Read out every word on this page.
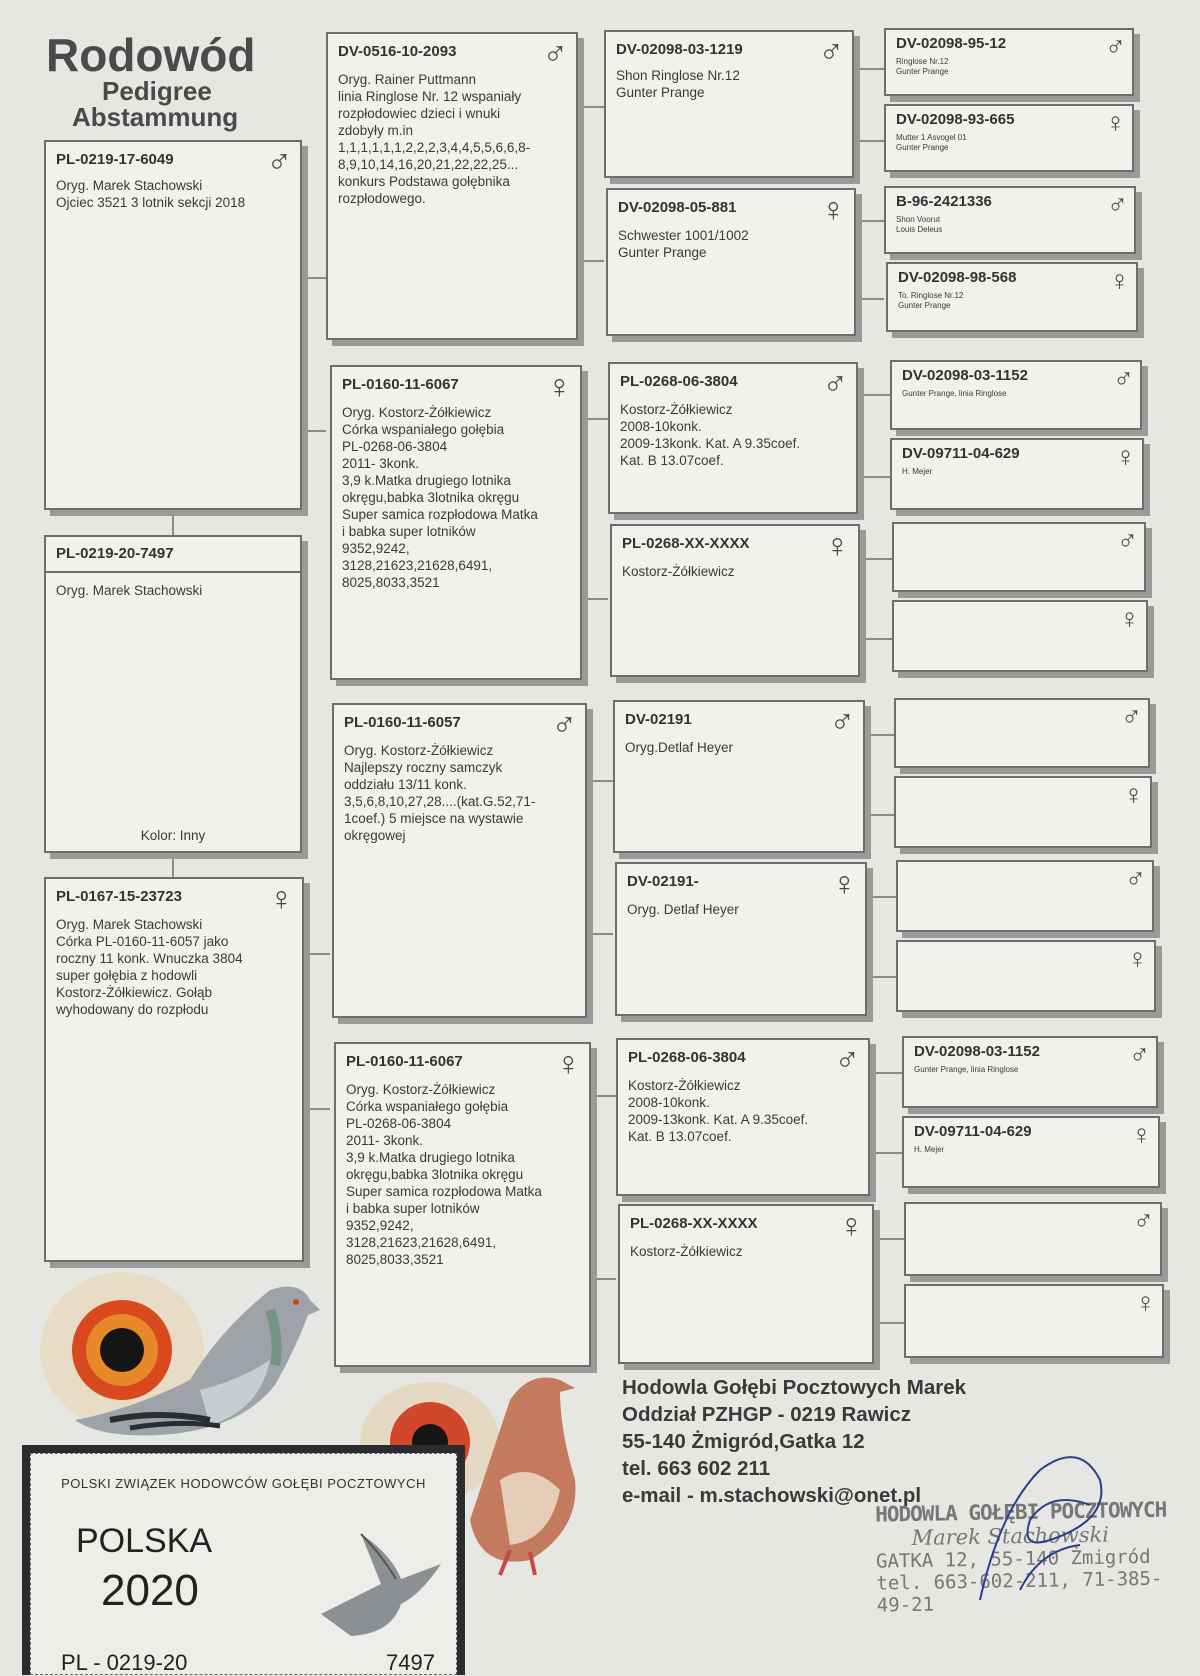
Rodowód
Pedigree
Abstammung
PL-0219-17-6049	♂
Oryg. Marek Stachowski
Ojciec 3521 3 lotnik sekcji 2018
PL-0219-20-7497
Oryg. Marek Stachowski
Kolor: Inny
PL-0167-15-23723	♀
Oryg. Marek Stachowski
Córka PL-0160-11-6057 jako
roczny 11 konk. Wnuczka 3804
super gołębia z hodowli
Kostorz-Żółkiewicz. Gołąb
wyhodowany do rozpłodu
DV-0516-10-2093	♂
Oryg. Rainer Puttmann
linia Ringlose Nr. 12 wspaniały
rozpłodowiec dzieci i wnuki
zdobyły m.in
1,1,1,1,1,1,2,2,2,3,4,4,5,5,6,6,8-
8,9,10,14,16,20,21,22,22,25...
konkurs Podstawa gołębnika
rozpłodowego.
PL-0160-11-6067	♀
Oryg. Kostorz-Żółkiewicz
Córka wspaniałego gołębia
PL-0268-06-3804
2011- 3konk.
3,9 k.Matka drugiego lotnika
okręgu,babka 3lotnika okręgu
Super samica rozpłodowa Matka
i babka super lotników
9352,9242,
3128,21623,21628,6491,
8025,8033,3521
PL-0160-11-6057	♂
Oryg. Kostorz-Żółkiewicz
Najlepszy roczny samczyk
oddziału 13/11 konk.
3,5,6,8,10,27,28....(kat.G.52,71-
1coef.) 5 miejsce na wystawie
okręgowej
PL-0160-11-6067	♀
Oryg. Kostorz-Żółkiewicz
Córka wspaniałego gołębia
PL-0268-06-3804
2011- 3konk.
3,9 k.Matka drugiego lotnika
okręgu,babka 3lotnika okręgu
Super samica rozpłodowa Matka
i babka super lotników
9352,9242,
3128,21623,21628,6491,
8025,8033,3521
DV-02098-03-1219 ♂
Shon Ringlose Nr.12
Gunter Prange
DV-02098-05-881 ♀
Schwester 1001/1002
Gunter Prange
PL-0268-06-3804 ♂
Kostorz-Żółkiewicz
2008-10konk.
2009-13konk. Kat. A 9.35coef.
Kat. B 13.07coef.
PL-0268-XX-XXXX ♀
Kostorz-Żółkiewicz
DV-02191	♂
Oryg.Detlaf Heyer
DV-02191-	♀
Oryg. Detlaf Heyer
PL-0268-06-3804	♂
Kostorz-Żółkiewicz
2008-10konk.
2009-13konk. Kat. A 9.35coef.
Kat. B 13.07coef.
PL-0268-XX-XXXX ♀
Kostorz-Żółkiewicz
DV-02098-95-12	♂
Ringlose Nr.12
Gunter Prange
DV-02098-93-665	♀
Mutter 1 Asvogel 01
Gunter Prange
B-96-2421336	♂
Shon Voorut
Louis Deleus
DV-02098-98-568	♀
To. Ringlose Nr.12
Gunter Prange
DV-02098-03-1152	♂
Gunter Prange, linia Ringlose
DV-09711-04-629	♀
H. Mejer
♂
♀
♂
♀
♂
♀
DV-02098-03-1152	♂
Gunter Prange, linia Ringlose
DV-09711-04-629	♀
H. Mejer
♂
♀
Hodowla Gołębi Pocztowych Marek
Oddział PZHGP - 0219 Rawicz
55-140 Żmigród,Gatka 12
tel. 663 602 211
e-mail - m.stachowski@onet.pl
HODOWLA GOŁĘBI POCZTOWYCH
Marek Stachowski
GATKA 12, 55-140 Żmigród
tel. 663-602-211, 71-385-49-21
POLSKI ZWIĄZEK HODOWCÓW GOŁĘBI POCZTOWYCH
POLSKA
2020
PL - 0219-20	7497
